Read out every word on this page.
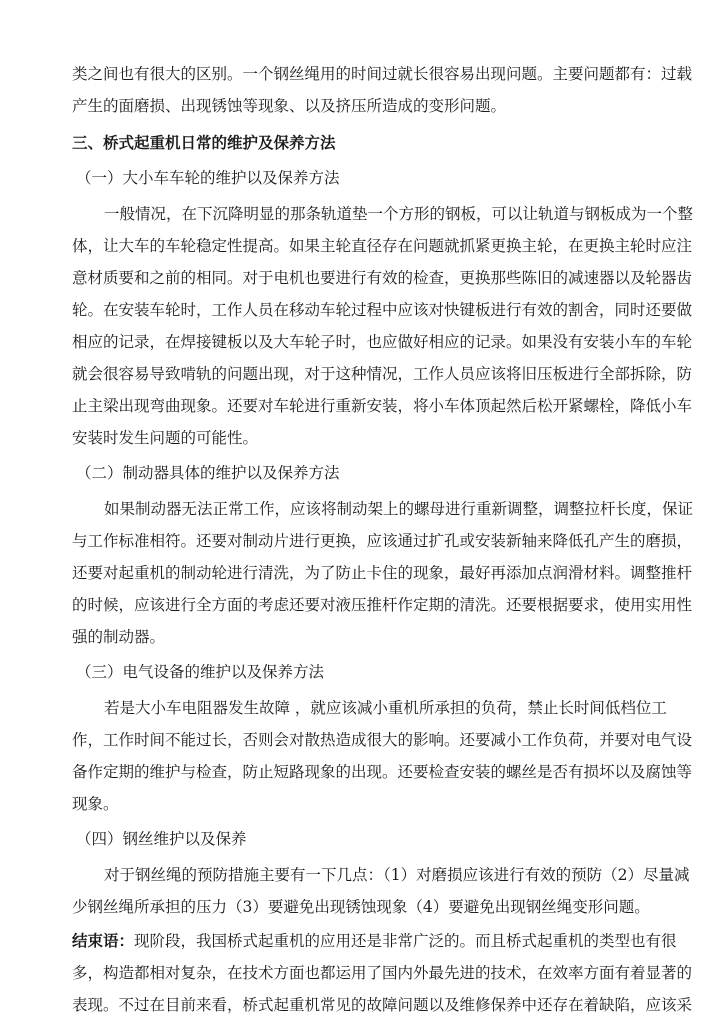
类之间也有很大的区别。一个钢丝绳用的时间过就长很容易出现问题。主要问题都有：过载
产生的面磨损、出现锈蚀等现象、以及挤压所造成的变形问题。
三、桥式起重机日常的维护及保养方法
（一）大小车车轮的维护以及保养方法
一般情况，在下沉降明显的那条轨道垫一个方形的钢板，可以让轨道与钢板成为一个整
体，让大车的车轮稳定性提高。如果主轮直径存在问题就抓紧更换主轮，在更换主轮时应注
意材质要和之前的相同。对于电机也要进行有效的检查，更换那些陈旧的减速器以及轮器齿
轮。在安装车轮时，工作人员在移动车轮过程中应该对快键板进行有效的割舍，同时还要做
相应的记录，在焊接键板以及大车轮子时，也应做好相应的记录。如果没有安装小车的车轮
就会很容易导致啃轨的问题出现，对于这种情况，工作人员应该将旧压板进行全部拆除，防
止主梁出现弯曲现象。还要对车轮进行重新安装，将小车体顶起然后松开紧螺栓，降低小车
安装时发生问题的可能性。
（二）制动器具体的维护以及保养方法
如果制动器无法正常工作，应该将制动架上的螺母进行重新调整，调整拉杆长度，保证
与工作标准相符。还要对制动片进行更换，应该通过扩孔或安装新轴来降低孔产生的磨损，
还要对起重机的制动轮进行清洗，为了防止卡住的现象，最好再添加点润滑材料。调整推杆
的时候，应该进行全方面的考虑还要对液压推杆作定期的清洗。还要根据要求，使用实用性
强的制动器。
（三）电气设备的维护以及保养方法
若是大小车电阻器发生故障 ，就应该减小重机所承担的负荷，禁止长时间低档位工
作，工作时间不能过长，否则会对散热造成很大的影响。还要减小工作负荷，并要对电气设
备作定期的维护与检查，防止短路现象的出现。还要检查安装的螺丝是否有损坏以及腐蚀等
现象。
（四）钢丝维护以及保养
对于钢丝绳的预防措施主要有一下几点：（1）对磨损应该进行有效的预防（2）尽量减
少钢丝绳所承担的压力（3）要避免出现锈蚀现象（4）要避免出现钢丝绳变形问题。
结束语：现阶段，我国桥式起重机的应用还是非常广泛的。而且桥式起重机的类型也有很
多，构造都相对复杂，在技术方面也都运用了国内外最先进的技术，在效率方面有着显著的
表现。不过在目前来看，桥式起重机常见的故障问题以及维修保养中还存在着缺陷，应该采
